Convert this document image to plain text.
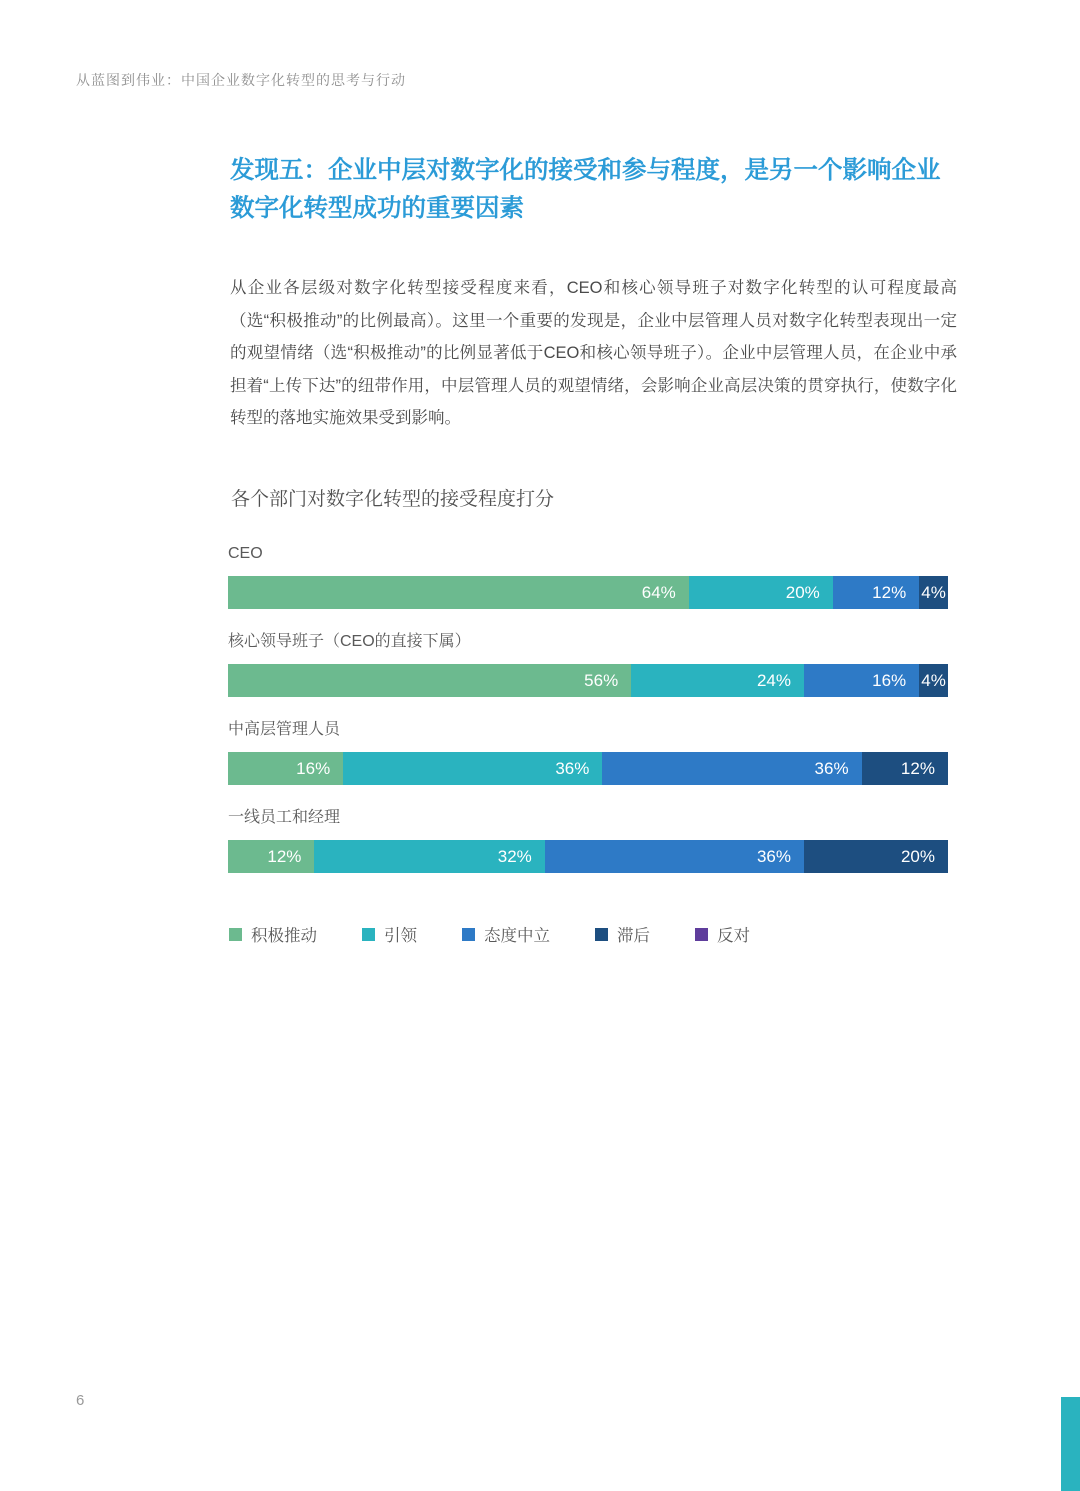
从蓝图到伟业：中国企业数字化转型的思考与行动
发现五：企业中层对数字化的接受和参与程度，是另一个影响企业数字化转型成功的重要因素

从企业各层级对数字化转型接受程度来看，CEO和核心领导班子对数字化转型的认可程度最高（选“积极推动”的比例最高）。这里一个重要的发现是，企业中层管理人员对数字化转型表现出一定的观望情绪（选“积极推动”的比例显著低于CEO和核心领导班子）。企业中层管理人员，在企业中承担着“上传下达”的纽带作用，中层管理人员的观望情绪，会影响企业高层决策的贯穿执行，使数字化转型的落地实施效果受到影响。

各个部门对数字化转型的接受程度打分
CEO
64%	20%	12% 4%
核心领导班子（CEO的直接下属）
56%	24%	16% 4%
中高层管理人员
16%	36%	36%	12%
一线员工和经理
12%	32%	36%	20%
积极推动	引领	态度中立	滞后	反对
6
